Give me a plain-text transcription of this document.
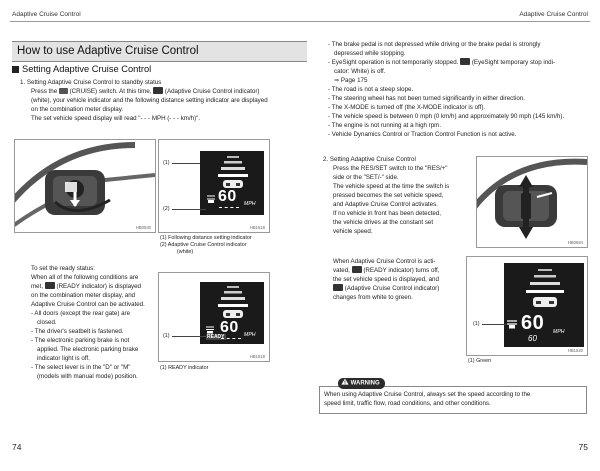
Adaptive Cruise Control	Adaptive Cruise Control
How to use Adaptive Cruise Control
Setting Adaptive Cruise Control
1. Setting Adaptive Cruise Control to standby status
Press the (CRUISE) switch. At this time, (Adaptive Cruise Control indicator)
(white), your vehicle indicator and the following distance setting indicator are displayed
on the combination meter display.
The set vehicle speed display will read "- - - MPH (- - - km/h)".
HB0530
60 MPH
(1)
(2)
HB1518
(1) Following distance setting indicator
(2) Adaptive Cruise Control indicator
(white)
To set the ready status:
When all of the following conditions are
met, (READY indicator) is displayed
on the combination meter display, and
Adaptive Cruise Control can be activated.
- All doors (except the rear gate) are
closed.
- The driver's seatbelt is fastened.
- The electronic parking brake is not
applied. The electronic parking brake
indicator light is off.
- The select lever is in the "D" or "M"
(models with manual mode) position.
READY
60 MPH
(1)
HB1519
(1) READY indicator
74
- The brake pedal is not depressed while driving or the brake pedal is strongly
depressed while stopping.
- EyeSight operation is not temporarily stopped. (EyeSight temporary stop indi-
cator: White) is off.
⇒ Page 175
- The road is not a steep slope.
- The steering wheel has not been turned significantly in either direction.
- The X-MODE is turned off (the X-MODE indicator is off).
- The vehicle speed is between 0 mph (0 km/h) and approximately 90 mph (145 km/h).
- The engine is not running at a high rpm.
- Vehicle Dynamics Control or Traction Control Function is not active.
2. Setting Adaptive Cruise Control
Press the RES/SET switch to the "RES/+"
side or the "SET/-" side.
The vehicle speed at the time the switch is
pressed becomes the set vehicle speed,
and Adaptive Cruise Control activates.
If no vehicle in front has been detected,
the vehicle drives at the constant set
vehicle speed.
HB0584
When Adaptive Cruise Control is acti-
vated, (READY indicator) turns off,
the set vehicle speed is displayed, and
(Adaptive Cruise Control indicator)
changes from white to green.
60 MPH
60
(1)
HB1520
(1) Green
WARNING
When using Adaptive Cruise Control, always set the speed according to the
speed limit, traffic flow, road conditions, and other conditions.
75
